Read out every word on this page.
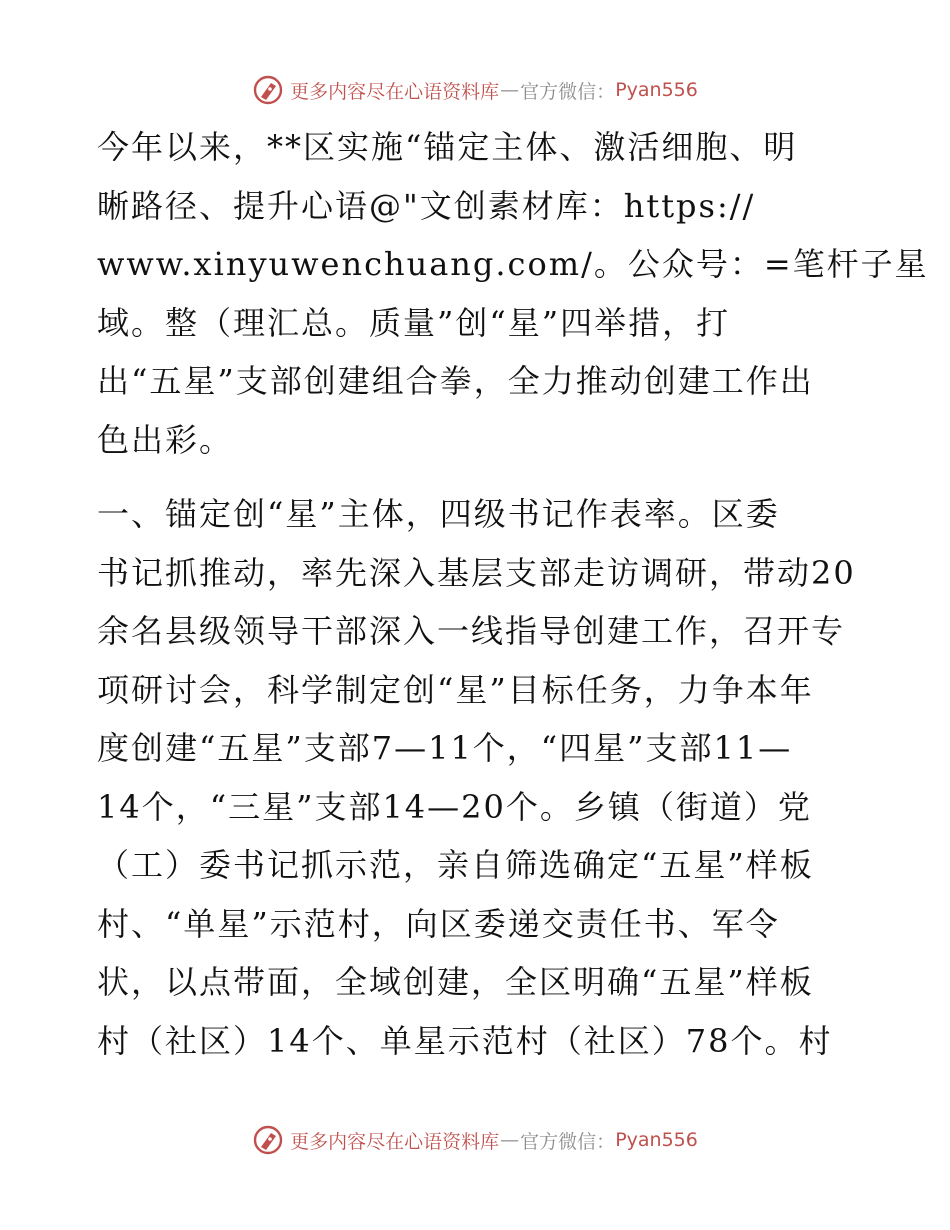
更多内容尽在心语资料库 — 官方微信： Pyan556
今年以来，**区实施“锚定主体、激活细胞、明
晰路径、提升心语@"文创素材库：https://
www.xinyuwenchuang.com/。公众号：=笔杆子星
域。整（理汇总。质量”创“星”四举措，打
出“五星”支部创建组合拳，全力推动创建工作出
色出彩。
一、锚定创“星”主体，四级书记作表率。区委
书记抓推动，率先深入基层支部走访调研，带动20
余名县级领导干部深入一线指导创建工作，召开专
项研讨会，科学制定创“星”目标任务，力争本年
度创建“五星”支部7—11个，“四星”支部11—
14个，“三星”支部14—20个。乡镇（街道）党
（工）委书记抓示范，亲自筛选确定“五星”样板
村、“单星”示范村，向区委递交责任书、军令
状，以点带面，全域创建，全区明确“五星”样板
村（社区）14个、单星示范村（社区）78个。村
更多内容尽在心语资料库 — 官方微信： Pyan556
